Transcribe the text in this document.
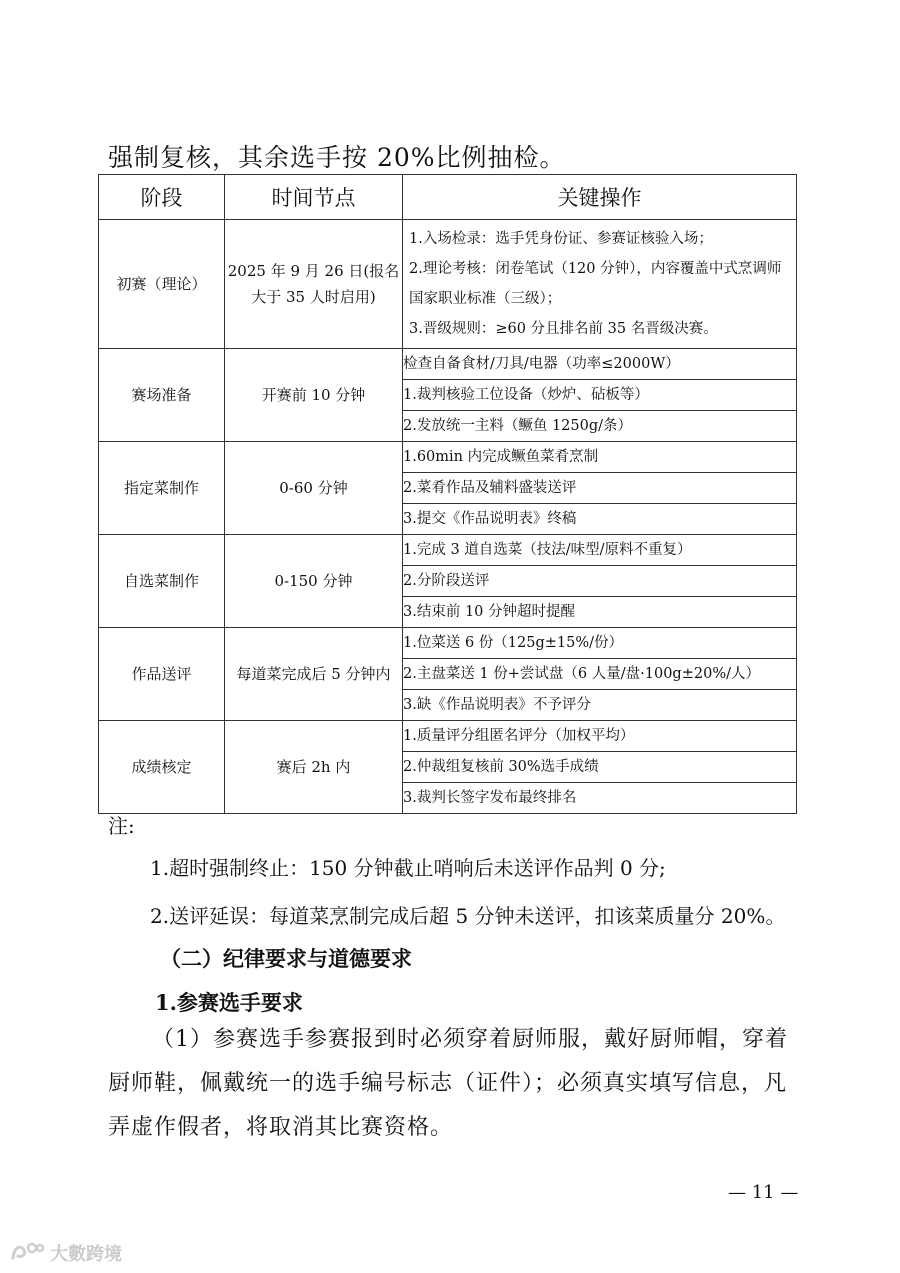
强制复核，其余选手按 20%比例抽检。
阶段	时间节点	关键操作
初赛（理论）	2025 年 9 月 26 日(报名大于 35 人时启用)	1.入场检录：选手凭身份证、参赛证核验入场；
2.理论考核：闭卷笔试（120 分钟），内容覆盖中式烹调师国家职业标准（三级）；
3.晋级规则：≥60 分且排名前 35 名晋级决赛。

赛场准备	开赛前 10 分钟	检查自备食材/刀具/电器（功率≤2000W）
		1.裁判核验工位设备（炒炉、砧板等）
		2.发放统一主料（鳜鱼 1250g/条）
指定菜制作	0-60 分钟	1.60min 内完成鳜鱼菜肴烹制
		2.菜肴作品及辅料盛装送评
		3.提交《作品说明表》终稿
自选菜制作	0-150 分钟	1.完成 3 道自选菜（技法/味型/原料不重复）
		2.分阶段送评
		3.结束前 10 分钟超时提醒
作品送评	每道菜完成后 5 分钟内	1.位菜送 6 份（125g±15%/份）
		2.主盘菜送 1 份+尝试盘（6 人量/盘·100g±20%/人）
		3.缺《作品说明表》不予评分
成绩核定	赛后 2h 内	1.质量评分组匿名评分（加权平均）
		2.仲裁组复核前 30%选手成绩
		3.裁判长签字发布最终排名
注:
1.超时强制终止：150 分钟截止哨响后未送评作品判 0 分;
2.送评延误：每道菜烹制完成后超 5 分钟未送评，扣该菜质量分 20%。
（二）纪律要求与道德要求
1.参赛选手要求
（1）参赛选手参赛报到时必须穿着厨师服，戴好厨师帽，穿着厨师鞋，佩戴统一的选手编号标志（证件）；必须真实填写信息，凡弄虚作假者，将取消其比赛资格。
— 11 —
大數跨境
